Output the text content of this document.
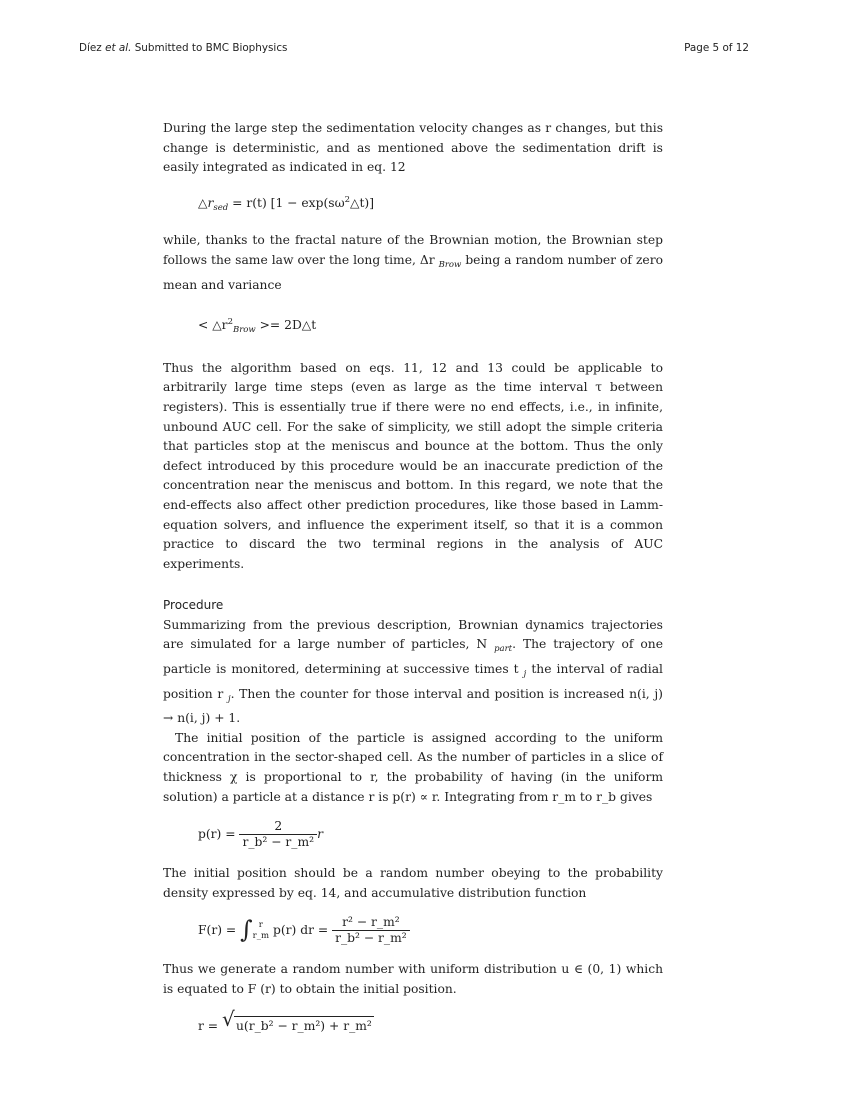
Díez et al. Submitted to BMC Biophysics	Page 5 of 12

During the large step the sedimentation velocity changes as r changes, but this change is deterministic, and as mentioned above the sedimentation drift is easily integrated as indicated in eq. 12

$\triangle r_{sed} = r(t) [1$ − $\exp(s\omega^2\triangle t)$]

while, thanks to the fractal nature of the Brownian motion, the Brownian step follows the same law over the long time, Δr $_{Brow}$ being a random number of zero mean and variance

< $\triangle r^2_{Brow}$ >= 2D△t

Thus the algorithm based on eqs. 11, 12 and 13 could be applicable to arbitrarily large time steps (even as large as the time interval τ between registers). This is essentially true if there were no end effects, i.e., in infinite, unbound AUC cell. For the sake of simplicity, we still adopt the simple criteria that particles stop at the meniscus and bounce at the bottom. Thus the only defect introduced by this procedure would be an inaccurate prediction of the concentration near the meniscus and bottom. In this regard, we note that the end-effects also affect other prediction procedures, like those based in Lamm-equation solvers, and influence the experiment itself, so that it is a common practice to discard the two terminal regions in the analysis of AUC experiments.

Procedure

Summarizing from the previous description, Brownian dynamics trajectories are simulated for a large number of particles, N $_{part}$. The trajectory of one particle is monitored, determining at successive times t $_j$ the interval of radial position r $_j$. Then the counter for those interval and position is increased n(i, j) → n(i, j) + 1.

The initial position of the particle is assigned according to the uniform concentration in the sector-shaped cell. As the number of particles in a slice of thickness χ is proportional to r, the probability of having (in the uniform solution) a particle at a distance r is p(r) ∝ r. Integrating from r_m to r_b gives

$p(r) = \frac{2}{\text{r\_b² − r\_m²}}$ r

The initial position should be a random number obeying to the probability density expressed by eq. 14, and accumulative distribution function

F(r) = ∫ r
r_m p(r) dr = $\frac{\text{r² − r\_m²}}{\text{r\_b² − r\_m²}}$

Thus we generate a random number with uniform distribution u ∈ (0, 1) which is equated to F (r) to obtain the initial position.

r = √ u(r_b² − r_m²) + r_m²
